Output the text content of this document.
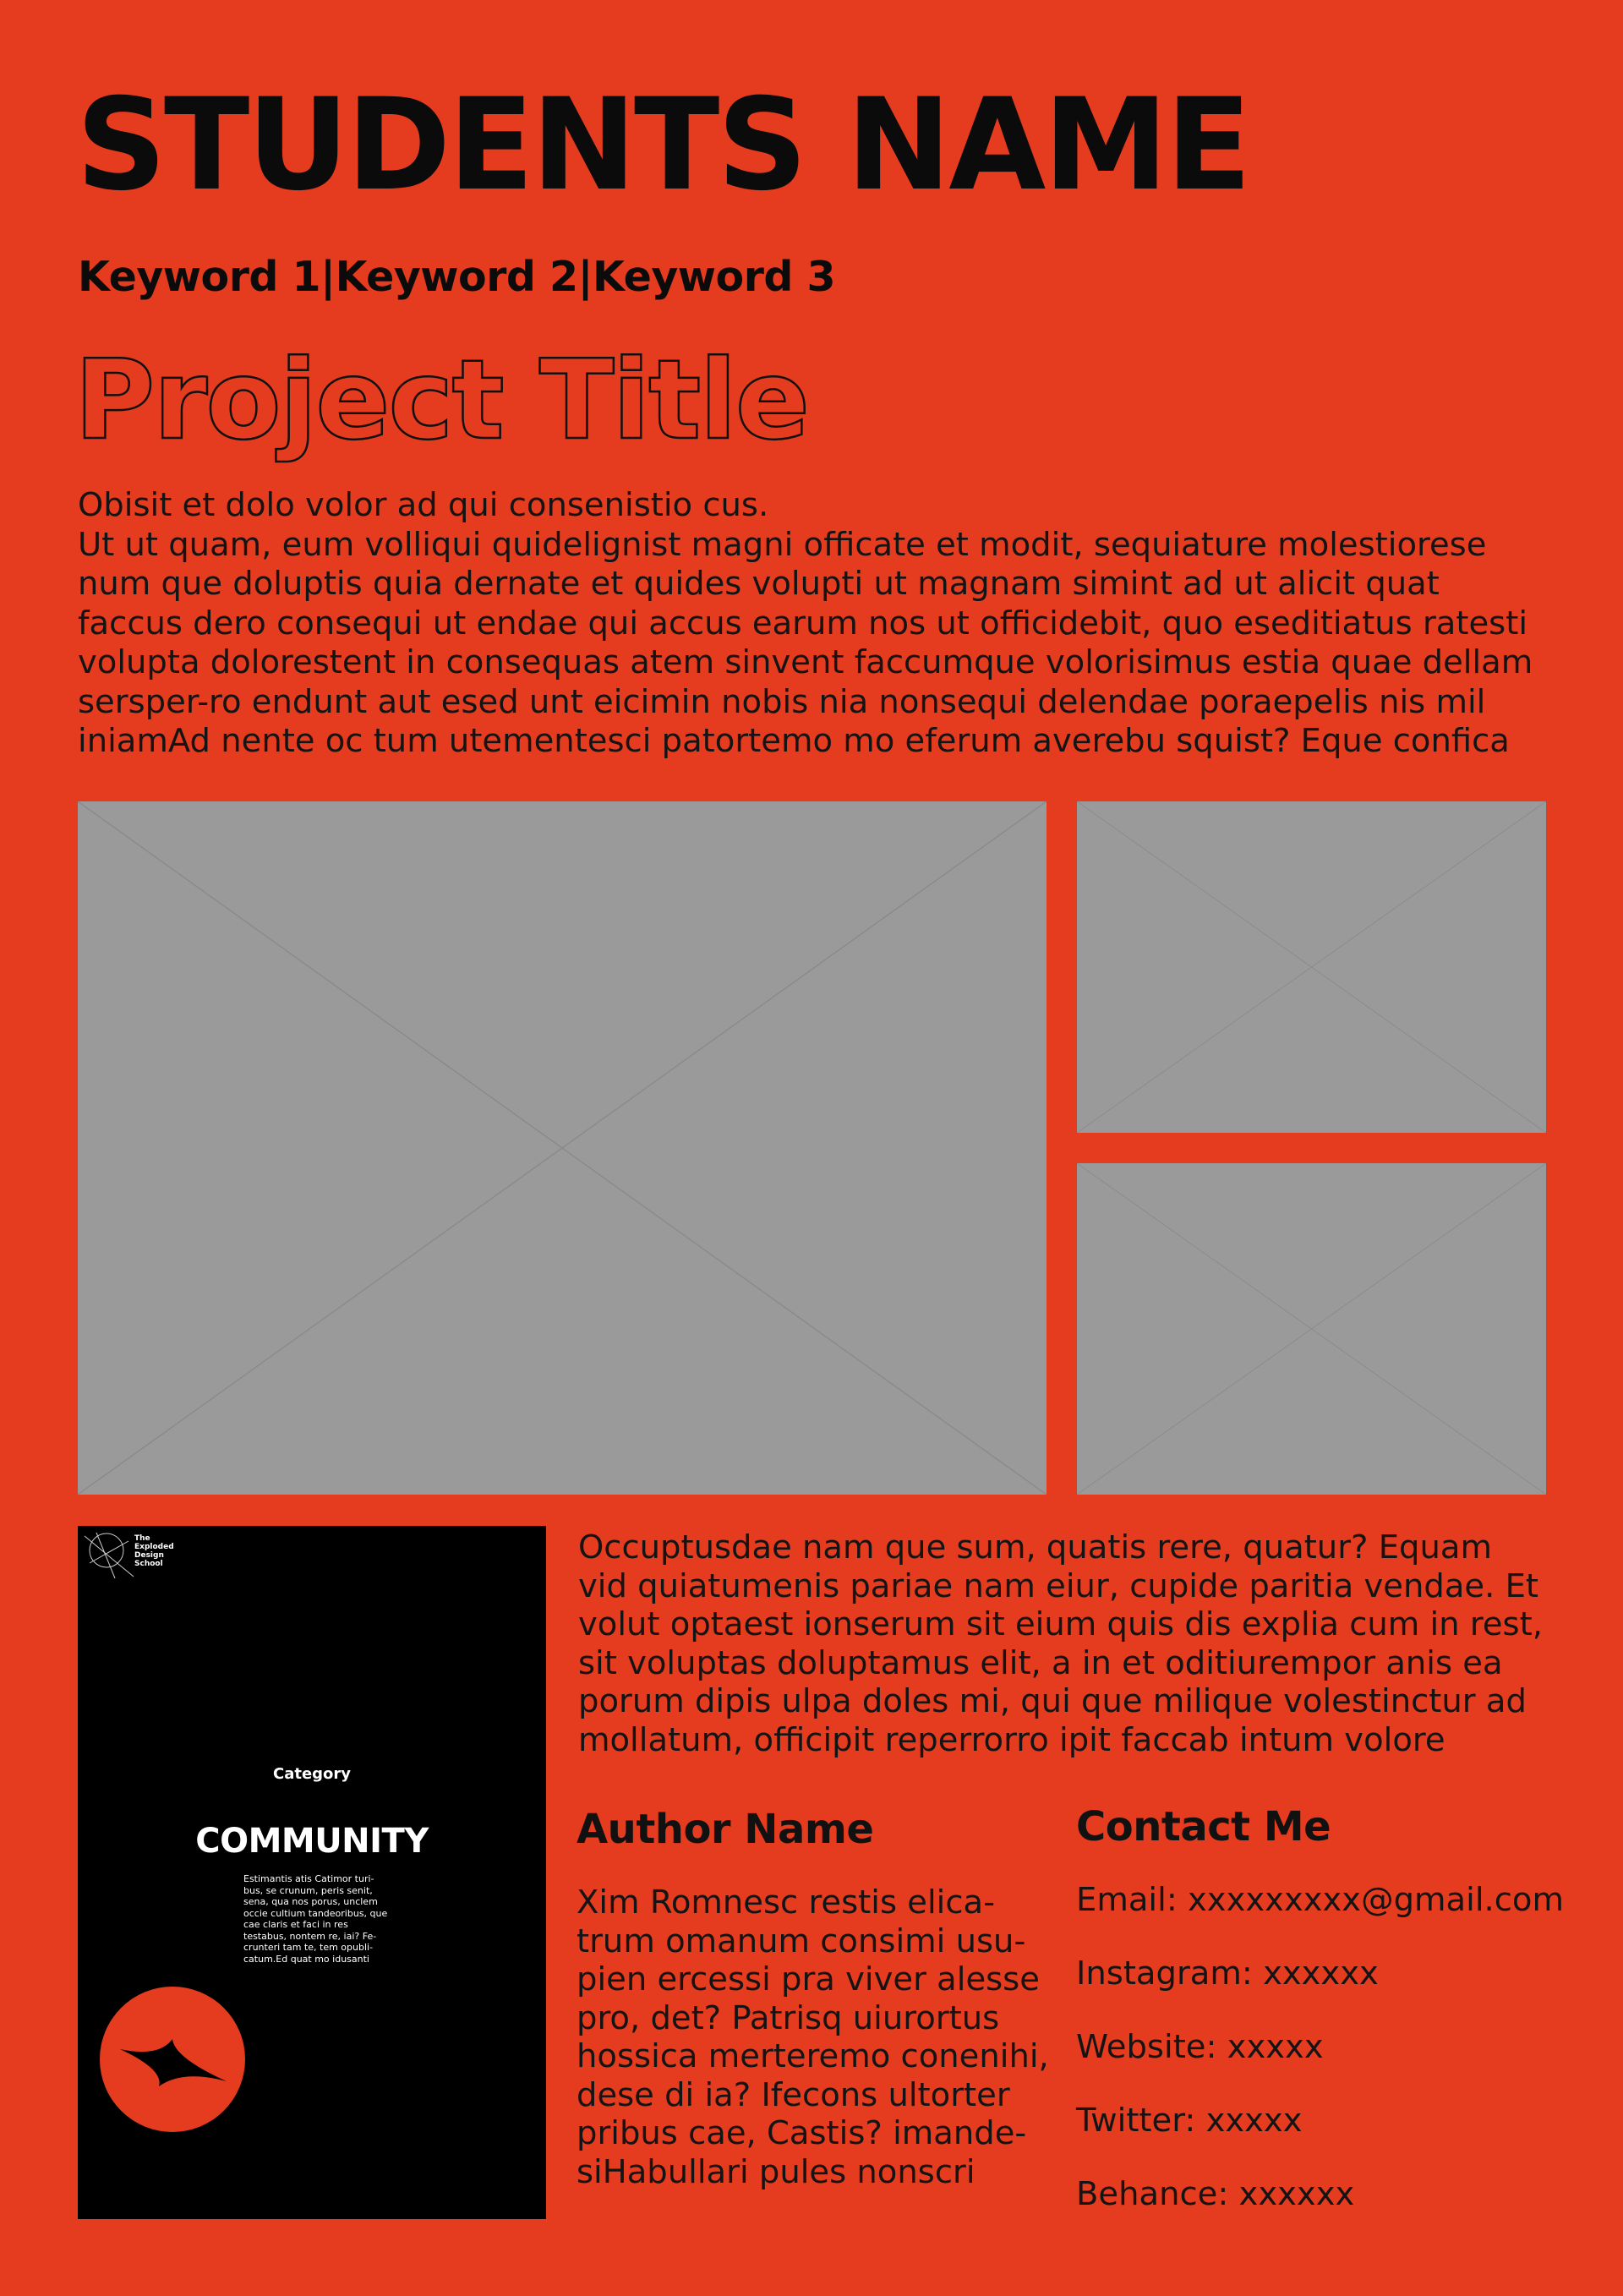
STUDENTS NAME
Keyword 1|Keyword 2|Keyword 3
Project Title

Obisit et dolo volor ad qui consenistio cus.

Ut ut quam, eum volliqui quidelignist magni officate et modit, sequiature molestiorese num que doluptis quia dernate et quides volupti ut magnam simint ad ut alicit quat faccus dero consequi ut endae qui accus earum nos ut officidebit, quo eseditiatus ratesti volupta dolorestent in consequas atem sinvent faccumque volorisimus estia quae dellam sersper-ro endunt aut esed unt eicimin nobis nia nonsequi delendae poraepelis nis mil iniamAd nente oc tum utementesci patortemo mo eferum averebu squist? Eque confica

The Exploded Design School
Category
COMMUNITY
Estimantis atis Catimor turi-bus, se crunum, peris senit, sena, qua nos porus, unclem occie cultium tandeoribus, que cae claris et faci in res testabus, nontem re, iai? Fe-crunteri tam te, tem opubli-catum.Ed quat mo idusanti
Occuptusdae nam que sum, quatis rere, quatur? Equam vid quiatumenis pariae nam eiur, cupide paritia vendae. Et volut optaest ionserum sit eium quis dis explia cum in rest, sit voluptas doluptamus elit, a in et oditiurempor anis ea porum dipis ulpa doles mi, qui que milique volestinctur ad mollatum, officipit reperrorro ipit faccab intum volore
Author Name
Xim Romnesc restis elica-trum omanum consimi usu-pien ercessi pra viver alesse pro, det? Patrisq uiurortus hossica merteremo conenihi, dese di ia? Ifecons ultorter pribus cae, Castis? imande-siHabullari pules nonscri
Contact Me
Email: xxxxxxxxx@gmail.com
Instagram: xxxxxx
Website: xxxxx
Twitter: xxxxx
Behance: xxxxxx
